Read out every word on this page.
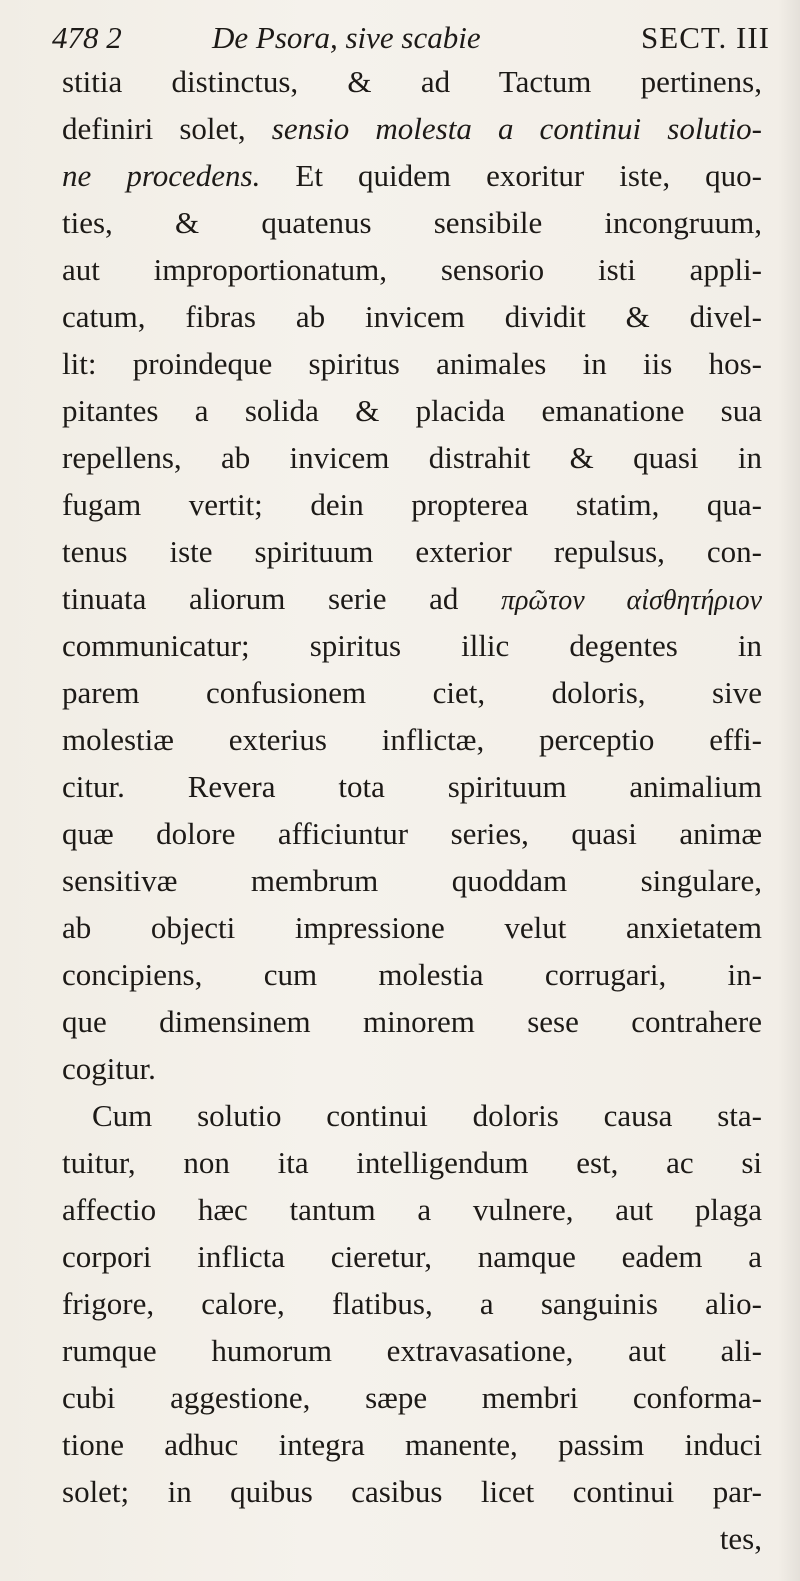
478 2	De Psora, sive scabie	SECT. III
stitia distinctus, & ad Tactum pertinens,
definiri solet, sensio molesta a continui solutio-
ne procedens. Et quidem exoritur iste, quo-
ties, & quatenus sensibile incongruum,
aut improportionatum, sensorio isti appli-
catum, fibras ab invicem dividit & divel-
lit: proindeque spiritus animales in iis hos-
pitantes a solida & placida emanatione sua
repellens, ab invicem distrahit & quasi in
fugam vertit; dein propterea statim, qua-
tenus iste spirituum exterior repulsus, con-
tinuata aliorum serie ad πρῶτον αἰσθητήριον
communicatur; spiritus illic degentes in
parem confusionem ciet, doloris, sive
molestiæ exterius inflictæ, perceptio effi-
citur. Revera tota spirituum animalium
quæ dolore afficiuntur series, quasi animæ
sensitivæ membrum quoddam singulare,
ab objecti impressione velut anxietatem
concipiens, cum molestia corrugari, in-
que dimensinem minorem sese contrahere
cogitur.
Cum solutio continui doloris causa sta-
tuitur, non ita intelligendum est, ac si
affectio hæc tantum a vulnere, aut plaga
corpori inflicta cieretur, namque eadem a
frigore, calore, flatibus, a sanguinis alio-
rumque humorum extravasatione, aut ali-
cubi aggestione, sæpe membri conforma-
tione adhuc integra manente, passim induci
solet; in quibus casibus licet continui par-
tes,
